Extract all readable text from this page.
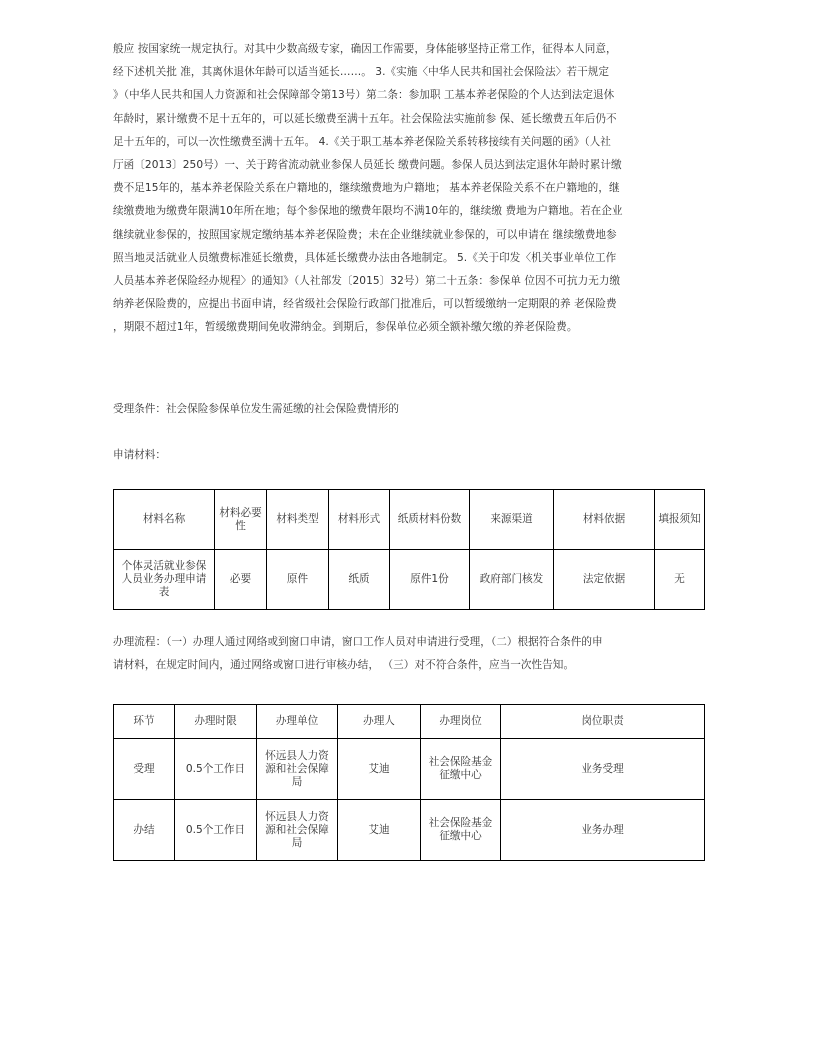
般应 按国家统一规定执行。对其中少数高级专家，确因工作需要，身体能够坚持正常工作，征得本人同意，
经下述机关批 准，其离休退休年龄可以适当延长……。 3.《实施〈中华人民共和国社会保险法〉若干规定
》（中华人民共和国人力资源和社会保障部令第13号）第二条：参加职 工基本养老保险的个人达到法定退休
年龄时，累计缴费不足十五年的，可以延长缴费至满十五年。社会保险法实施前参 保、延长缴费五年后仍不
足十五年的，可以一次性缴费至满十五年。 4.《关于职工基本养老保险关系转移接续有关问题的函》（人社
厅函〔2013〕250号）一、关于跨省流动就业参保人员延长 缴费问题。参保人员达到法定退休年龄时累计缴
费不足15年的，基本养老保险关系在户籍地的，继续缴费地为户籍地； 基本养老保险关系不在户籍地的，继
续缴费地为缴费年限满10年所在地；每个参保地的缴费年限均不满10年的，继续缴 费地为户籍地。若在企业
继续就业参保的，按照国家规定缴纳基本养老保险费；未在企业继续就业参保的，可以申请在 继续缴费地参
照当地灵活就业人员缴费标准延长缴费，具体延长缴费办法由各地制定。 5.《关于印发〈机关事业单位工作
人员基本养老保险经办规程〉的通知》（人社部发〔2015〕32号）第二十五条：参保单 位因不可抗力无力缴
纳养老保险费的，应提出书面申请，经省级社会保险行政部门批准后，可以暂缓缴纳一定期限的养 老保险费
，期限不超过1年，暂缓缴费期间免收滞纳金。到期后，参保单位必须全额补缴欠缴的养老保险费。
受理条件：社会保险参保单位发生需延缴的社会保险费情形的
申请材料：
材料名称	材料必要性	材料类型	材料形式	纸质材料份数	来源渠道	材料依据	填报须知
个体灵活就业参保人员业务办理申请表	必要	原件	纸质	原件1份	政府部门核发	法定依据	无
办理流程：（一）办理人通过网络或到窗口申请，窗口工作人员对申请进行受理，（二）根据符合条件的申
请材料，在规定时间内，通过网络或窗口进行审核办结， （三）对不符合条件，应当一次性告知。
环节	办理时限	办理单位	办理人	办理岗位	岗位职责
受理	0.5个工作日	怀远县人力资源和社会保障局	艾迪	社会保险基金征缴中心	业务受理
办结	0.5个工作日	怀远县人力资源和社会保障局	艾迪	社会保险基金征缴中心	业务办理
